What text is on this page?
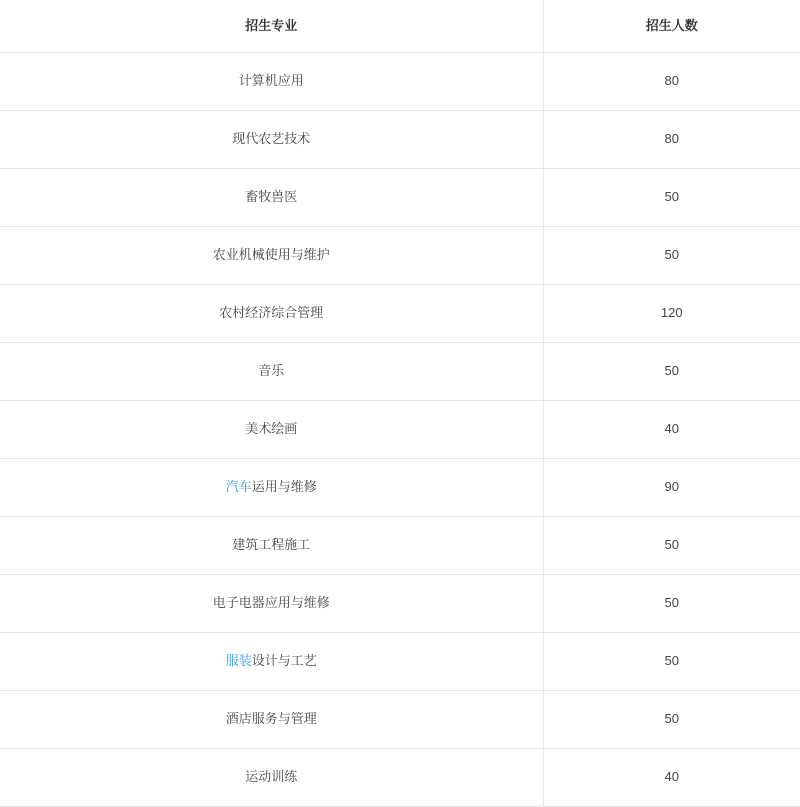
招生专业	招生人数

计算机应用	80

现代农艺技术	80

畜牧兽医	50

农业机械使用与维护	50

农村经济综合管理	120

音乐	50

美术绘画	40

汽车运用与维修	90

建筑工程施工	50

电子电器应用与维修	50

服装设计与工艺	50

酒店服务与管理	50

运动训练	40
